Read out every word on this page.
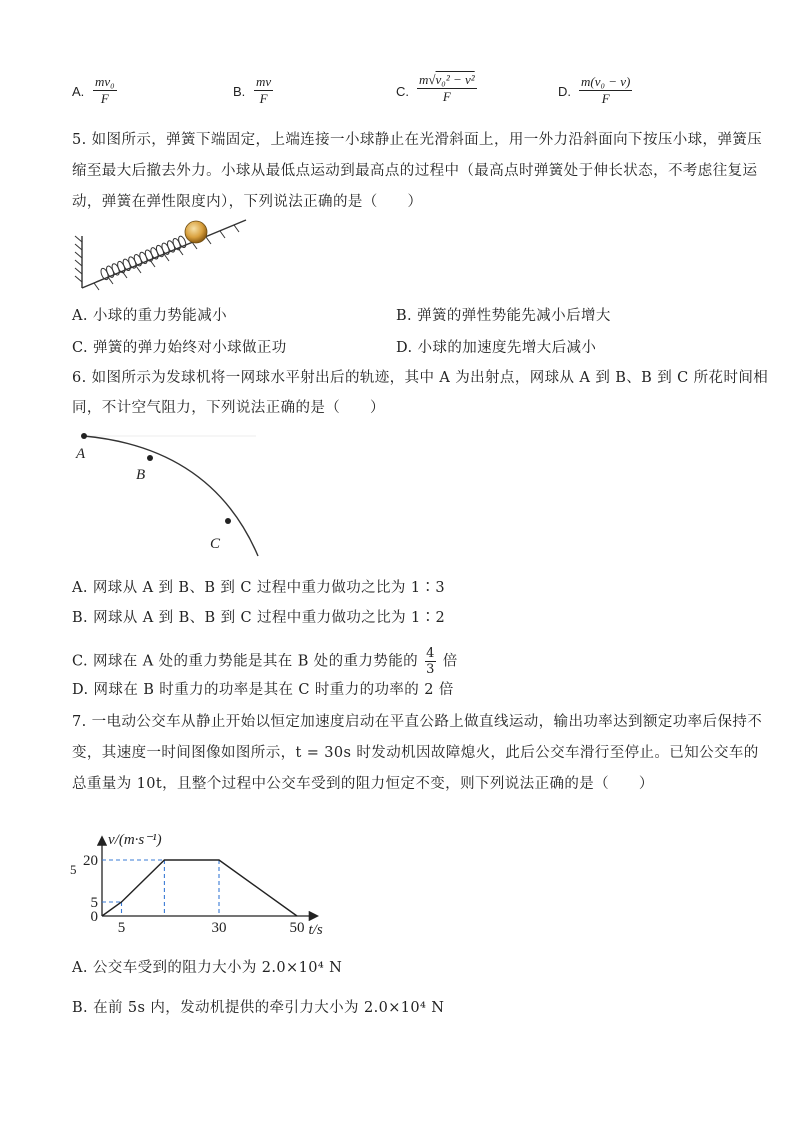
A. $\frac{\text{mv₀}}{F}$	B. $\frac{mv}{F}$	C. $\frac{\text{m√v₀² − v²}}{F}$	D. $\frac{\text{m(v₀ − v)}}{F}$
5. 如图所示，弹簧下端固定，上端连接一小球静止在光滑斜面上，用一外力沿斜面向下按压小球，弹簧压
缩至最大后撤去外力。小球从最低点运动到最高点的过程中（最高点时弹簧处于伸长状态，不考虑往复运
动，弹簧在弹性限度内），下列说法正确的是（　　）
A. 小球的重力势能减小	B. 弹簧的弹性势能先减小后增大
C. 弹簧的弹力始终对小球做正功	D. 小球的加速度先增大后减小
6. 如图所示为发球机将一网球水平射出后的轨迹，其中 A 为出射点，网球从 A 到 B、B 到 C 所花时间相
同，不计空气阻力，下列说法正确的是（　　）
A
B
C
A. 网球从 A 到 B、B 到 C 过程中重力做功之比为 1∶3
B. 网球从 A 到 B、B 到 C 过程中重力做功之比为 1∶2
C. 网球在 A 处的重力势能是其在 B 处的重力势能的 $\frac{4}{3}$ 倍
D. 网球在 B 时重力的功率是其在 C 时重力的功率的 2 倍
7. 一电动公交车从静止开始以恒定加速度启动在平直公路上做直线运动，输出功率达到额定功率后保持不
变，其速度一时间图像如图所示，t = 30s 时发动机因故障熄火，此后公交车滑行至停止。已知公交车的
总重量为 10t，且整个过程中公交车受到的阻力恒定不变，则下列说法正确的是（　　）
5	30	50
5
20
0
5
v/(m·s⁻¹)
t/s
A. 公交车受到的阻力大小为 2.0×10⁴ N
B. 在前 5s 内，发动机提供的牵引力大小为 2.0×10⁴ N
